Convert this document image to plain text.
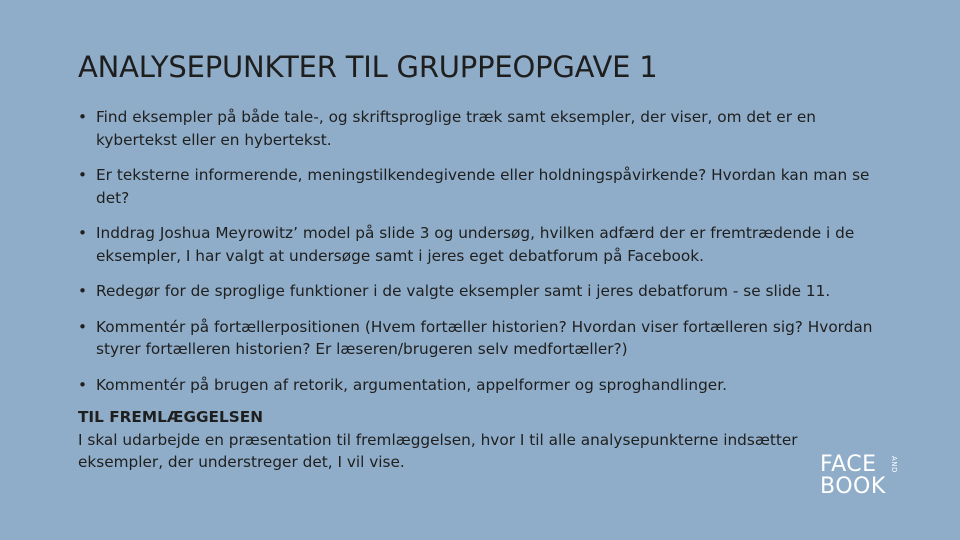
ANALYSEPUNKTER TIL GRUPPEOPGAVE 1
• Find eksempler på både tale-, og skriftsproglige træk samt eksempler, der viser, om det er en kybertekst eller en hybertekst.
• Er teksterne informerende, meningstilkendegivende eller holdningspåvirkende? Hvordan kan man se det?
• Inddrag Joshua Meyrowitz’ model på slide 3 og undersøg, hvilken adfærd der er fremtrædende i de eksempler, I har valgt at undersøge samt i jeres eget debatforum på Facebook.
• Redegør for de sproglige funktioner i de valgte eksempler samt i jeres debatforum - se slide 11.
• Kommentér på fortællerpositionen (Hvem fortæller historien? Hvordan viser fortælleren sig? Hvordan styrer fortælleren historien? Er læseren/brugeren selv medfortæller?)
• Kommentér på brugen af retorik, argumentation, appelformer og sproghandlinger.
TIL FREMLÆGGELSEN
I skal udarbejde en præsentation til fremlæggelsen, hvor I til alle analysepunkterne indsætter eksempler, der understreger det, I vil vise.	FACE
BOOK
AND
